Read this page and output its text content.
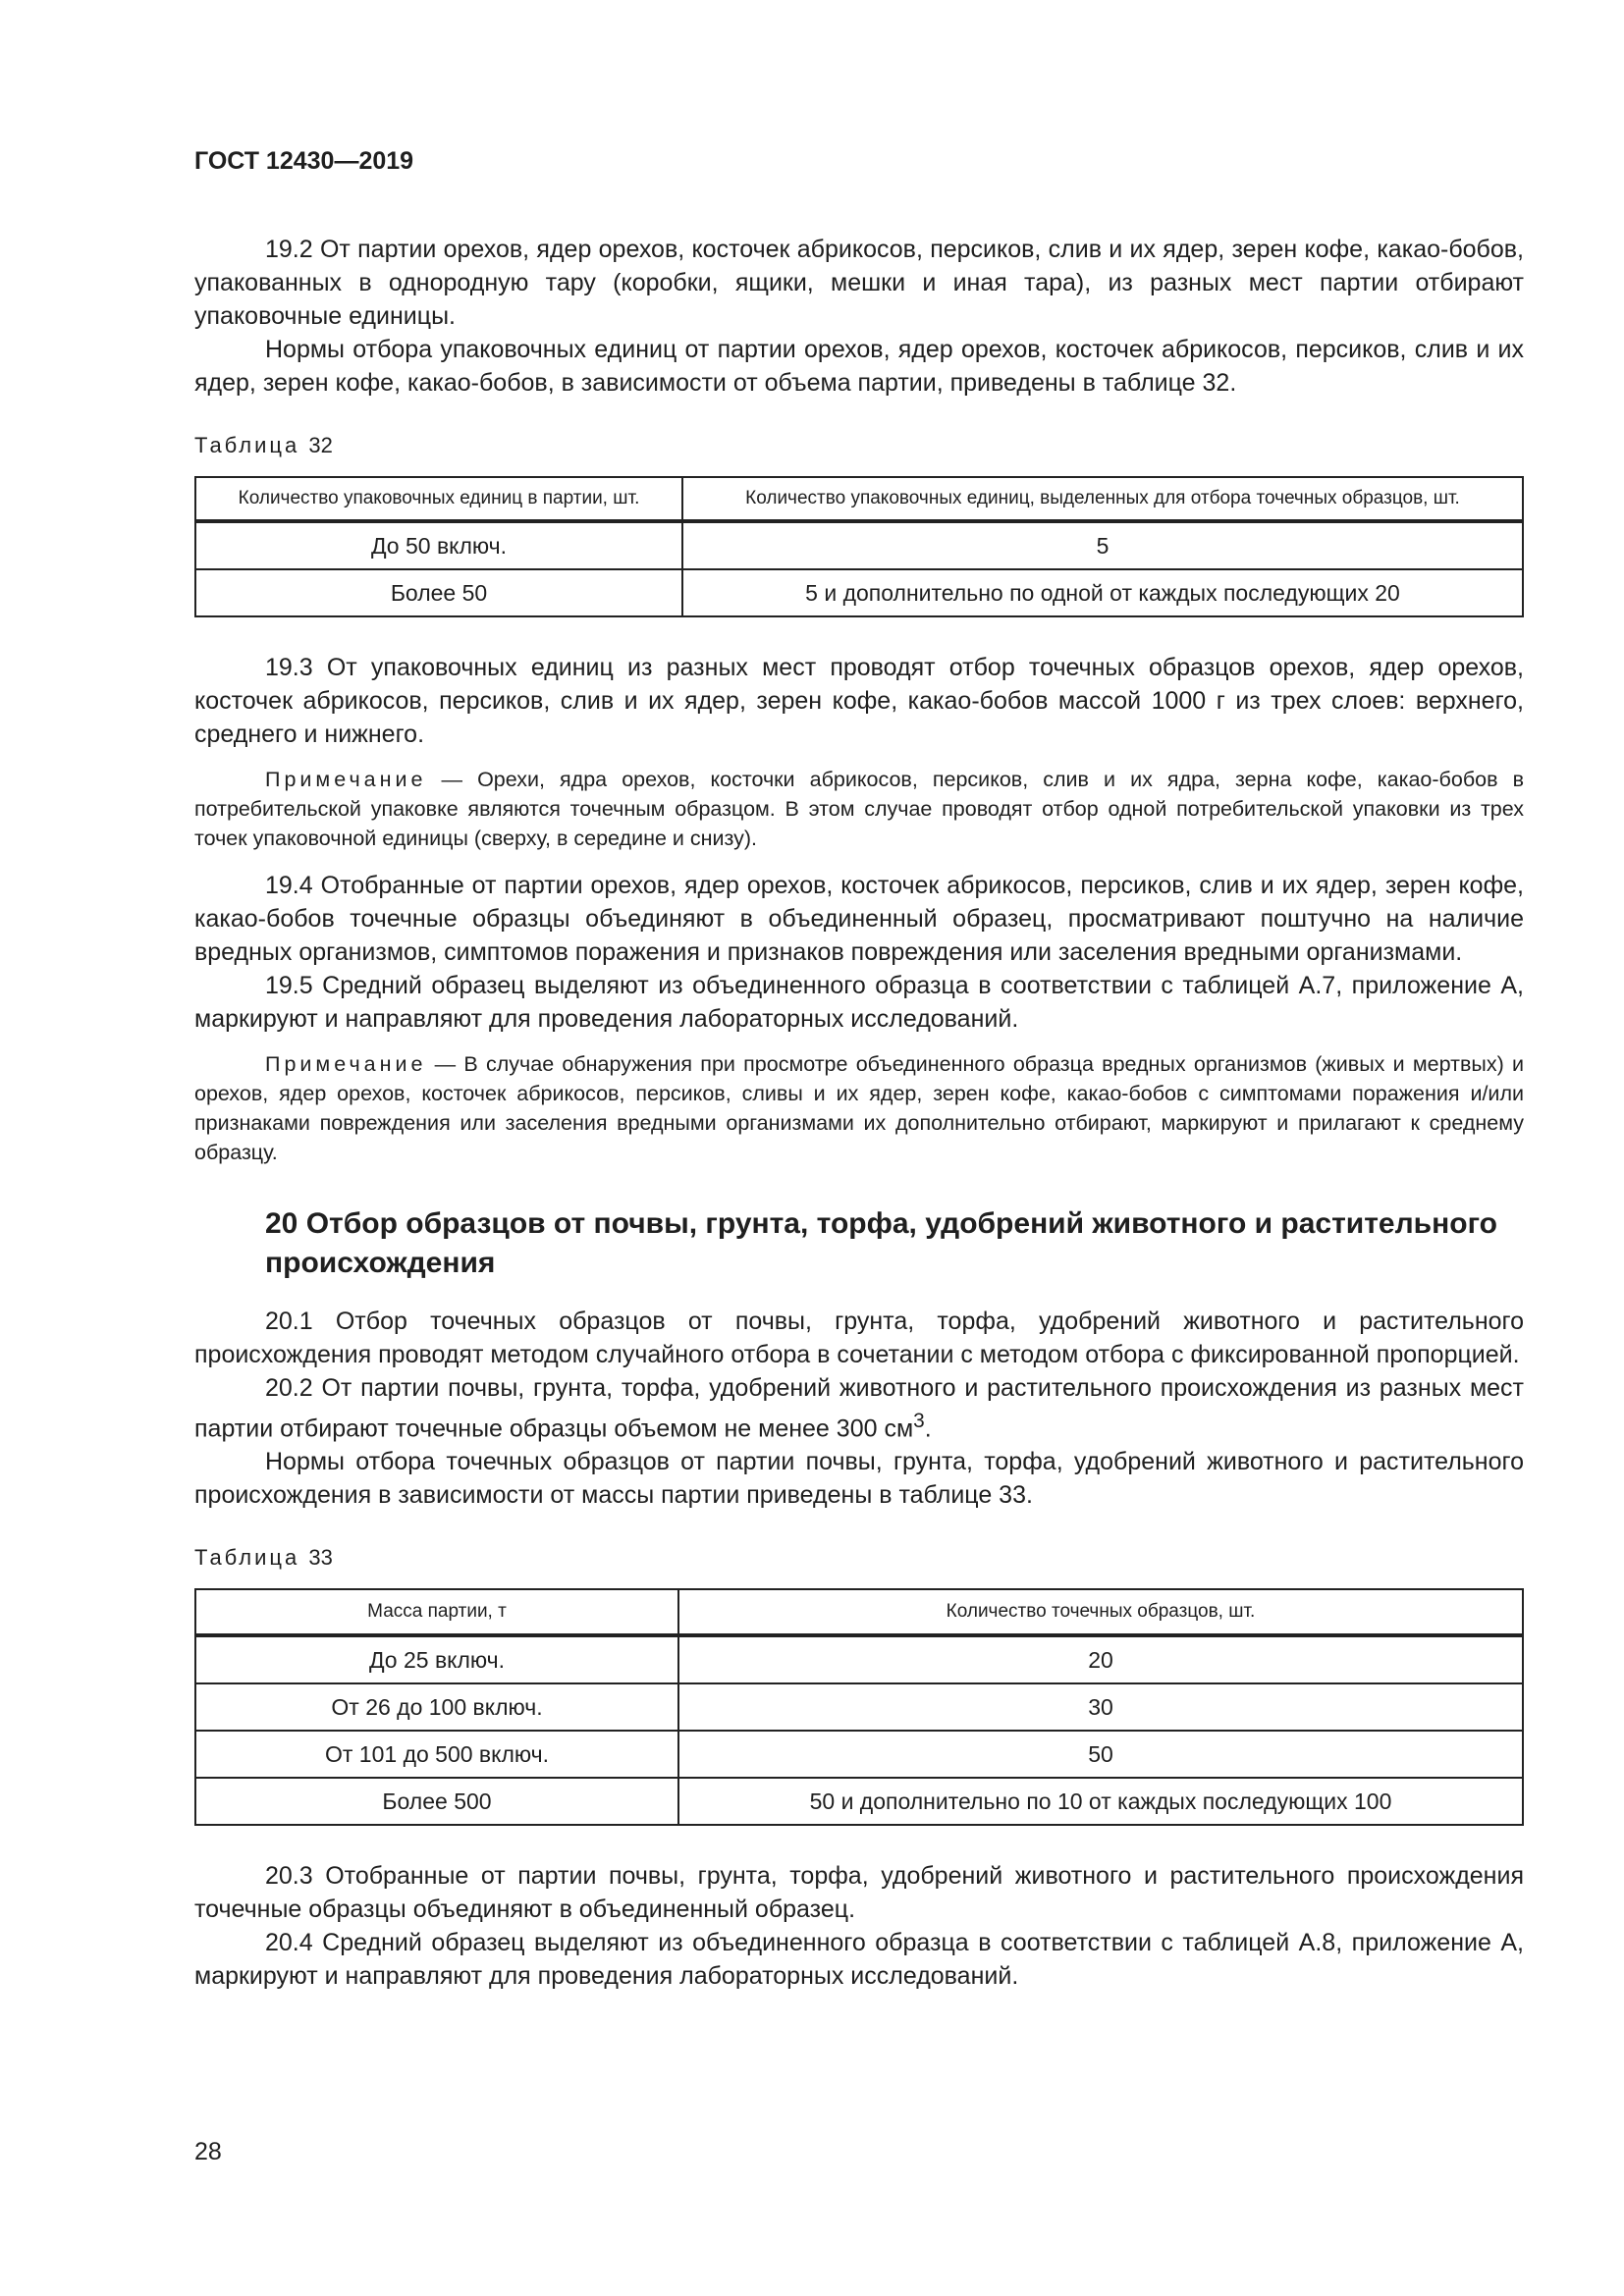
ГОСТ 12430—2019

19.2 От партии орехов, ядер орехов, косточек абрикосов, персиков, слив и их ядер, зерен кофе, какао-бобов, упакованных в однородную тару (коробки, ящики, мешки и иная тара), из разных мест партии отбирают упаковочные единицы.

Нормы отбора упаковочных единиц от партии орехов, ядер орехов, косточек абрикосов, персиков, слив и их ядер, зерен кофе, какао-бобов, в зависимости от объема партии, приведены в таблице 32.

Таблица 32
Количество упаковочных единиц в партии, шт.	Количество упаковочных единиц, выделенных для отбора точечных образцов, шт.
До 50 включ.	5
Более 50	5 и дополнительно по одной от каждых последующих 20

19.3 От упаковочных единиц из разных мест проводят отбор точечных образцов орехов, ядер орехов, косточек абрикосов, персиков, слив и их ядер, зерен кофе, какао-бобов массой 1000 г из трех слоев: верхнего, среднего и нижнего.

Примечание — Орехи, ядра орехов, косточки абрикосов, персиков, слив и их ядра, зерна кофе, какао-бобов в потребительской упаковке являются точечным образцом. В этом случае проводят отбор одной потребительской упаковки из трех точек упаковочной единицы (сверху, в середине и снизу).

19.4 Отобранные от партии орехов, ядер орехов, косточек абрикосов, персиков, слив и их ядер, зерен кофе, какао-бобов точечные образцы объединяют в объединенный образец, просматривают поштучно на наличие вредных организмов, симптомов поражения и признаков повреждения или заселения вредными организмами.

19.5 Средний образец выделяют из объединенного образца в соответствии с таблицей А.7, приложение А, маркируют и направляют для проведения лабораторных исследований.

Примечание — В случае обнаружения при просмотре объединенного образца вредных организмов (живых и мертвых) и орехов, ядер орехов, косточек абрикосов, персиков, сливы и их ядер, зерен кофе, какао-бобов с симптомами поражения и/или признаками повреждения или заселения вредными организмами их дополнительно отбирают, маркируют и прилагают к среднему образцу.

20 Отбор образцов от почвы, грунта, торфа, удобрений животного и растительного происхождения

20.1 Отбор точечных образцов от почвы, грунта, торфа, удобрений животного и растительного происхождения проводят методом случайного отбора в сочетании с методом отбора с фиксированной пропорцией.

20.2 От партии почвы, грунта, торфа, удобрений животного и растительного происхождения из разных мест партии отбирают точечные образцы объемом не менее 300 $см^3$.

Нормы отбора точечных образцов от партии почвы, грунта, торфа, удобрений животного и растительного происхождения в зависимости от массы партии приведены в таблице 33.

Таблица 33
Масса партии, т	Количество точечных образцов, шт.
До 25 включ.	20
От 26 до 100 включ.	30
От 101 до 500 включ.	50
Более 500	50 и дополнительно по 10 от каждых последующих 100

20.3 Отобранные от партии почвы, грунта, торфа, удобрений животного и растительного происхождения точечные образцы объединяют в объединенный образец.

20.4 Средний образец выделяют из объединенного образца в соответствии с таблицей А.8, приложение А, маркируют и направляют для проведения лабораторных исследований.

28
